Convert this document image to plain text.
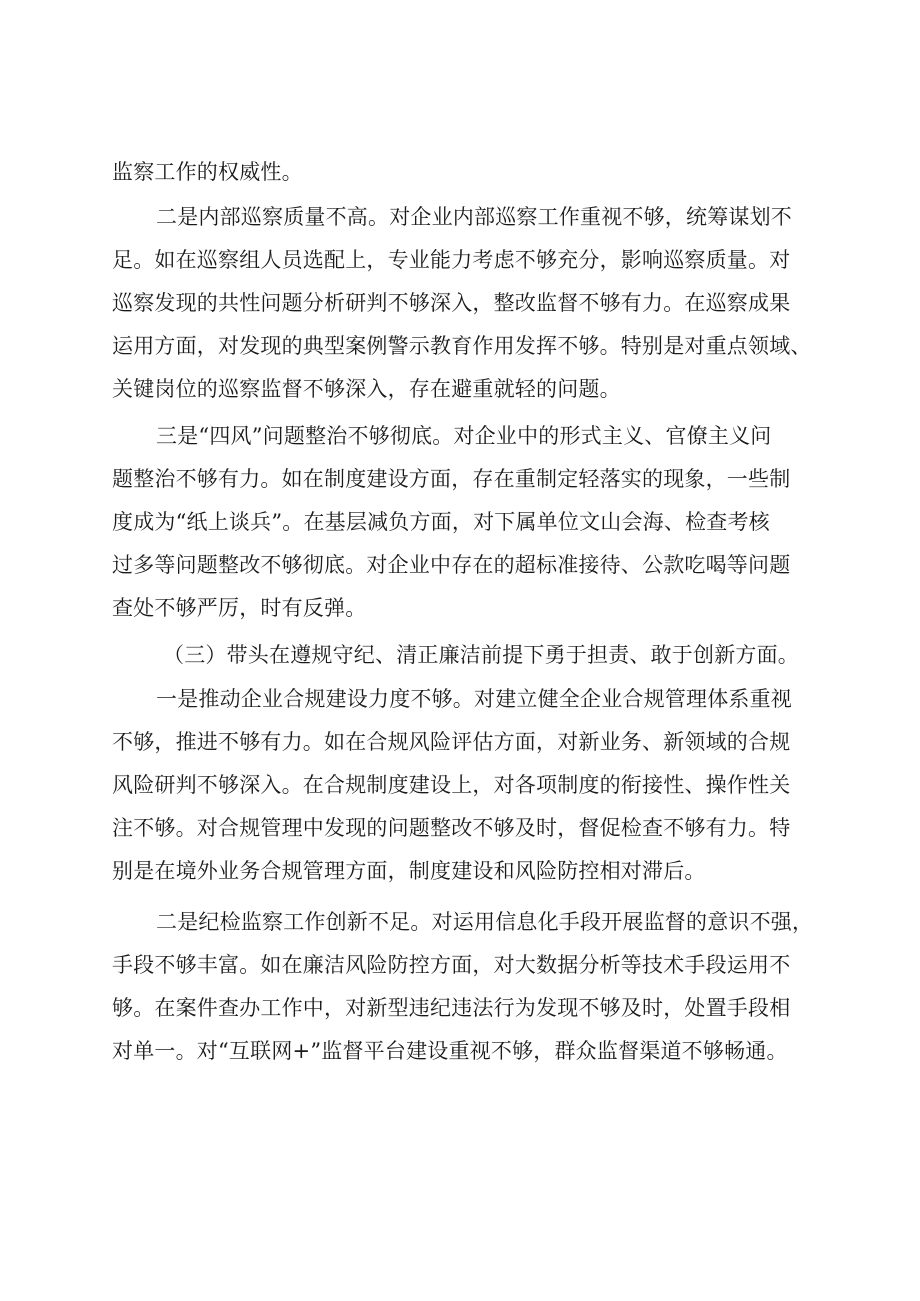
监察工作的权威性。
二是内部巡察质量不高。对企业内部巡察工作重视不够，统筹谋划不
足。如在巡察组人员选配上，专业能力考虑不够充分，影响巡察质量。对
巡察发现的共性问题分析研判不够深入，整改监督不够有力。在巡察成果
运用方面，对发现的典型案例警示教育作用发挥不够。特别是对重点领域、
关键岗位的巡察监督不够深入，存在避重就轻的问题。
三是“四风”问题整治不够彻底。对企业中的形式主义、官僚主义问
题整治不够有力。如在制度建设方面，存在重制定轻落实的现象，一些制
度成为“纸上谈兵”。在基层减负方面，对下属单位文山会海、检查考核
过多等问题整改不够彻底。对企业中存在的超标准接待、公款吃喝等问题
查处不够严厉，时有反弹。
（三）带头在遵规守纪、清正廉洁前提下勇于担责、敢于创新方面。
一是推动企业合规建设力度不够。对建立健全企业合规管理体系重视
不够，推进不够有力。如在合规风险评估方面，对新业务、新领域的合规
风险研判不够深入。在合规制度建设上，对各项制度的衔接性、操作性关
注不够。对合规管理中发现的问题整改不够及时，督促检查不够有力。特
别是在境外业务合规管理方面，制度建设和风险防控相对滞后。
二是纪检监察工作创新不足。对运用信息化手段开展监督的意识不强，
手段不够丰富。如在廉洁风险防控方面，对大数据分析等技术手段运用不
够。在案件查办工作中，对新型违纪违法行为发现不够及时，处置手段相
对单一。对“互联网+”监督平台建设重视不够，群众监督渠道不够畅通。
